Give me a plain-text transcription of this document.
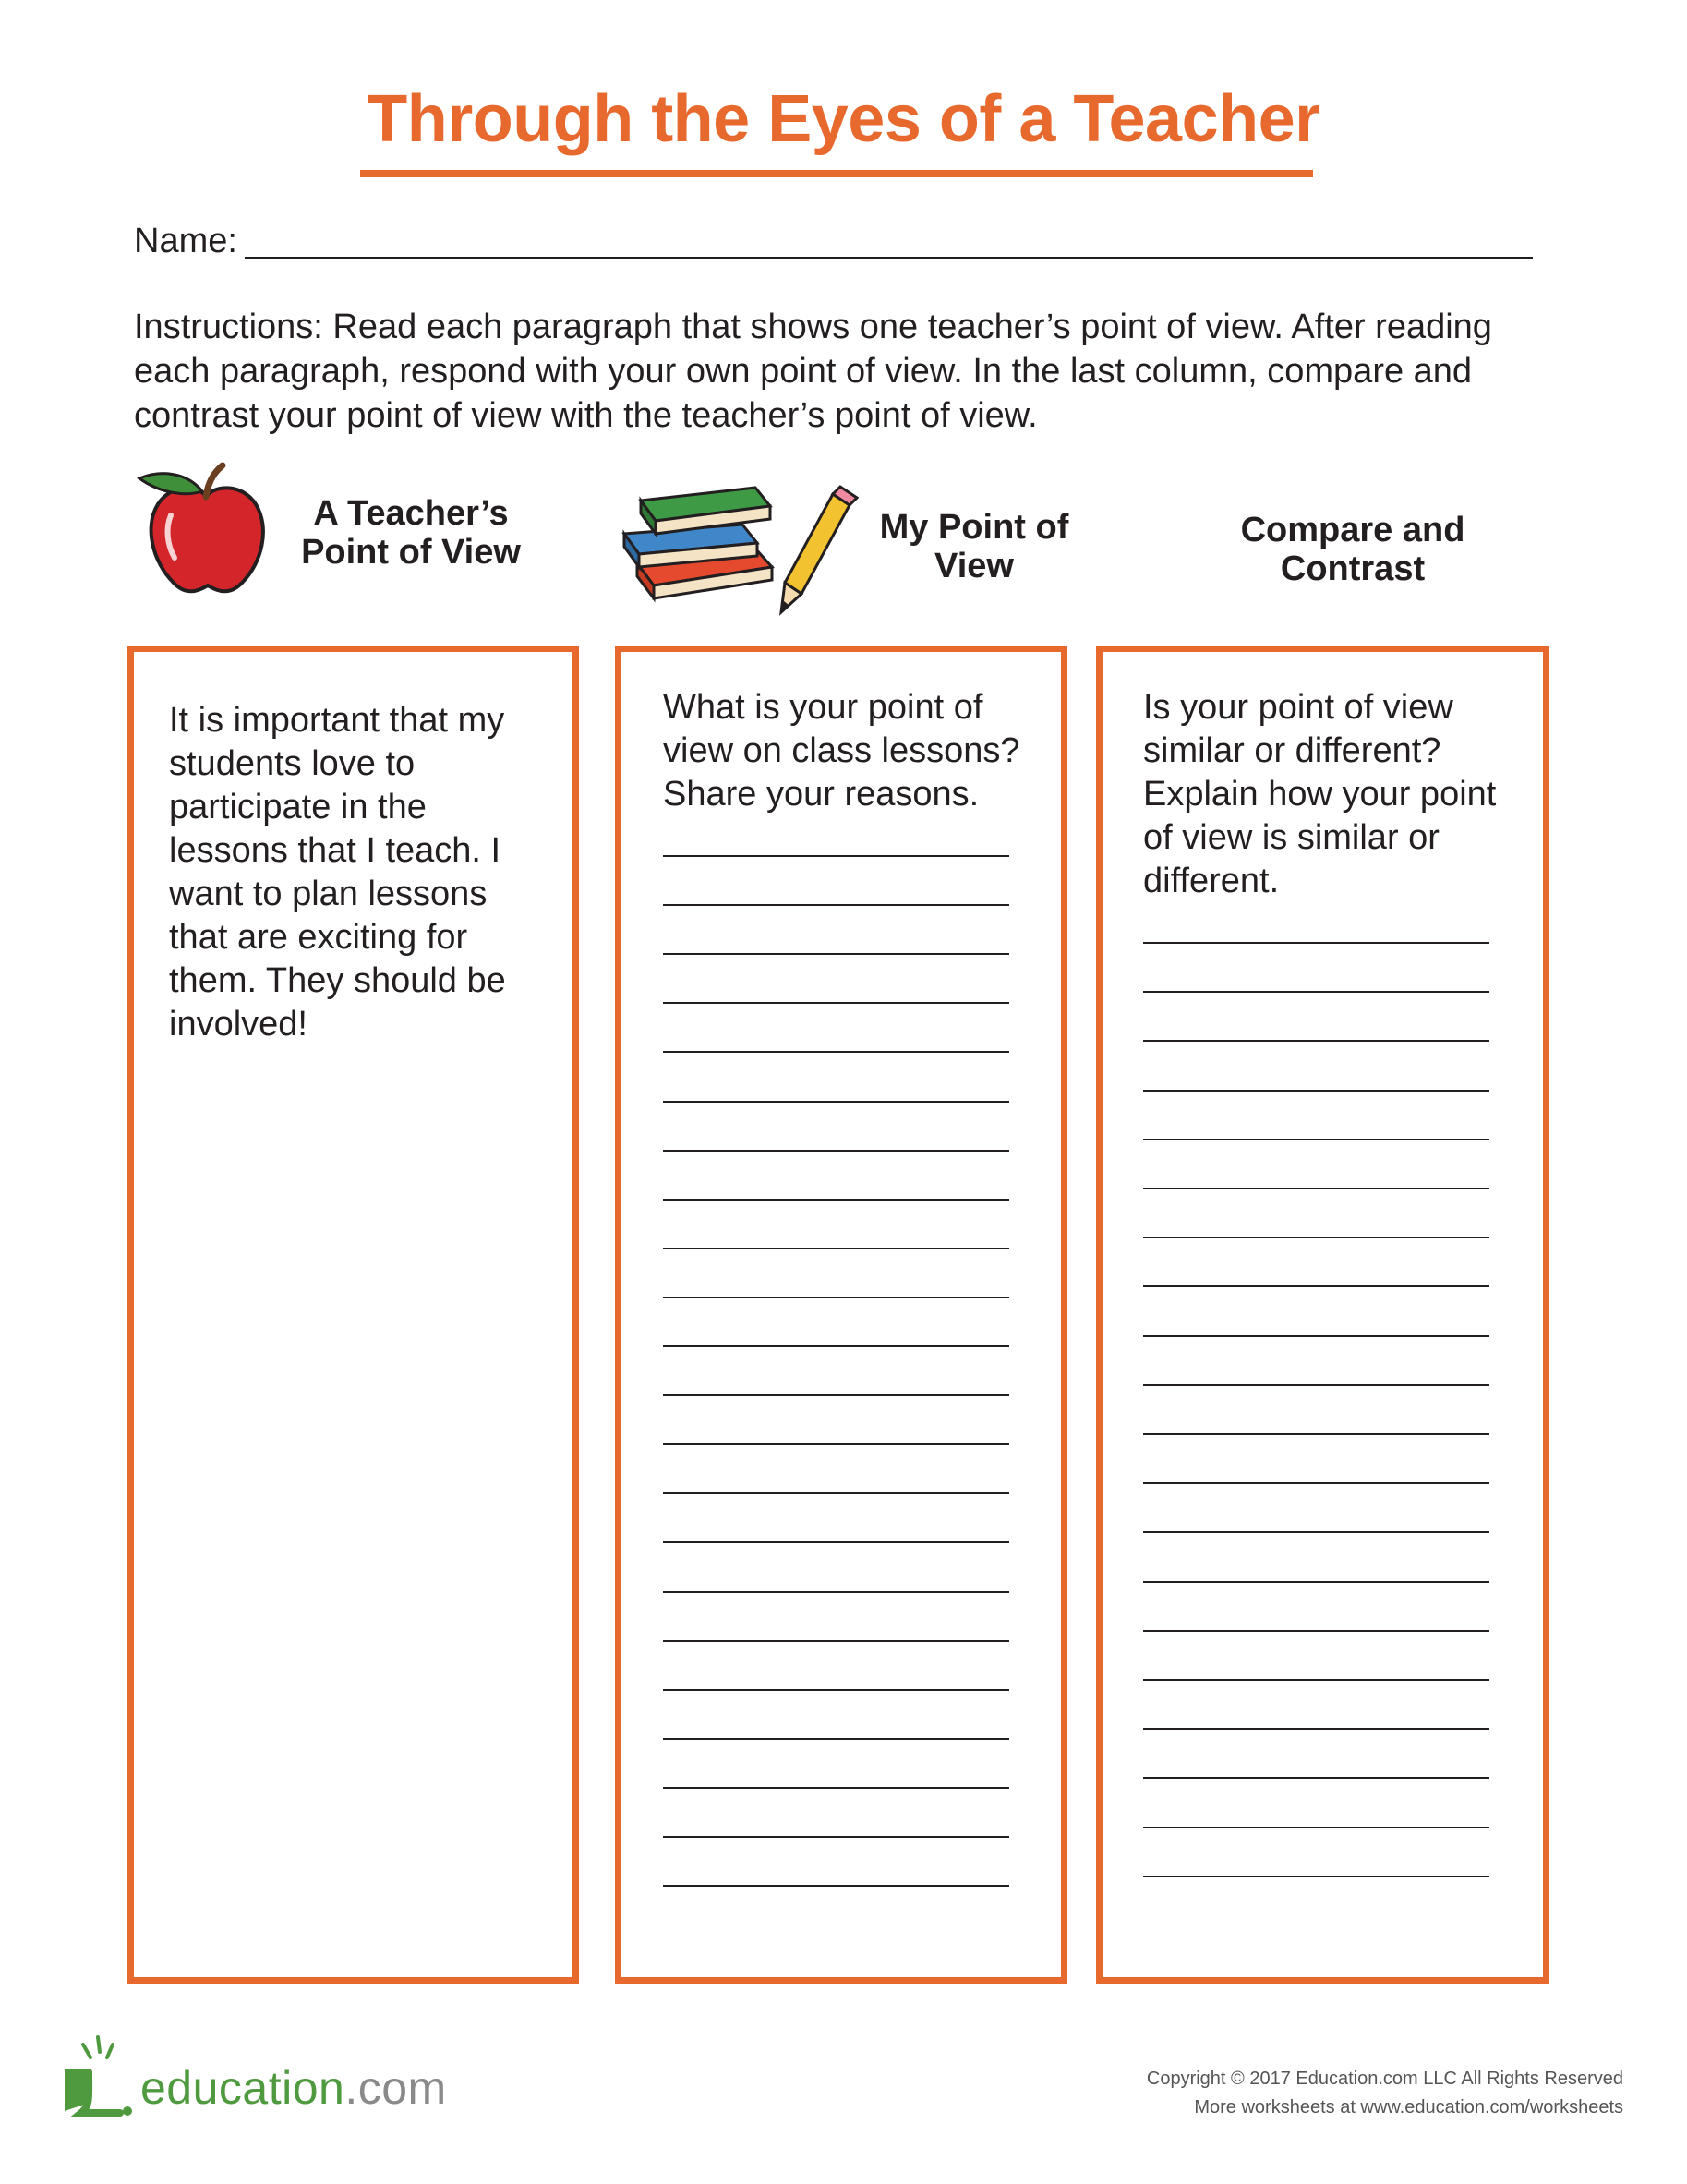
Through the Eyes of a Teacher
Name:
Instructions: Read each paragraph that shows one teacher’s point of view. After reading each paragraph, respond with your own point of view. In the last column, compare and contrast your point of view with the teacher’s point of view.
A Teacher’s
Point of View
My Point of
View
Compare and
Contrast
It is important that my students love to participate in the lessons that I teach. I want to plan lessons that are exciting for them. They should be involved!
What is your point of view on class lessons? Share your reasons.
Is your point of view similar or different? Explain how your point of view is similar or different.
education.com	Copyright © 2017 Education.com LLC All Rights Reserved
More worksheets at www.education.com/worksheets
